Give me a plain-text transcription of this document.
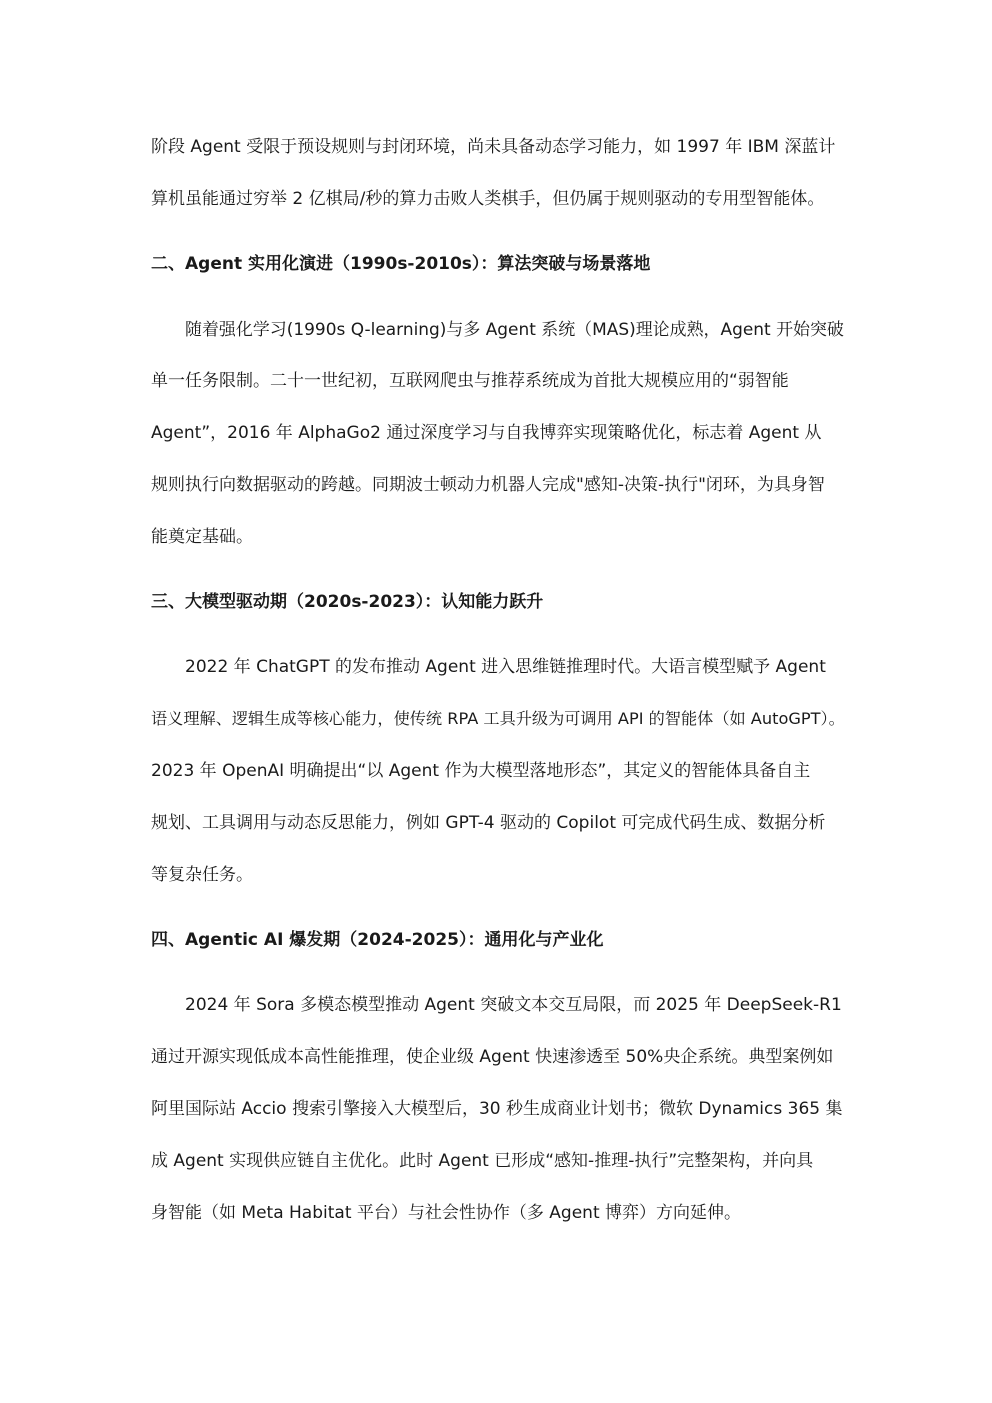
阶段 Agent 受限于预设规则与封闭环境，尚未具备动态学习能力，如 1997 年 IBM 深蓝计
算机虽能通过穷举 2 亿棋局/秒的算力击败人类棋手，但仍属于规则驱动的专用型智能体。
二、Agent 实用化演进（1990s-2010s）：算法突破与场景落地
随着强化学习(1990s Q-learning)与多 Agent 系统（MAS)理论成熟，Agent 开始突破
单一任务限制。二十一世纪初，互联网爬虫与推荐系统成为首批大规模应用的“弱智能
Agent”，2016 年 AlphaGo2 通过深度学习与自我博弈实现策略优化，标志着 Agent 从
规则执行向数据驱动的跨越。同期波士顿动力机器人完成"感知-决策-执行"闭环，为具身智
能奠定基础。
三、大模型驱动期（2020s-2023）：认知能力跃升
2022 年 ChatGPT 的发布推动 Agent 进入思维链推理时代。大语言模型赋予 Agent
语义理解、逻辑生成等核心能力，使传统 RPA 工具升级为可调用 API 的智能体（如 AutoGPT）。
2023 年 OpenAI 明确提出“以 Agent 作为大模型落地形态”，其定义的智能体具备自主
规划、工具调用与动态反思能力，例如 GPT-4 驱动的 Copilot 可完成代码生成、数据分析
等复杂任务。
四、Agentic AI 爆发期（2024-2025）：通用化与产业化
2024 年 Sora 多模态模型推动 Agent 突破文本交互局限，而 2025 年 DeepSeek-R1
通过开源实现低成本高性能推理，使企业级 Agent 快速渗透至 50%央企系统。典型案例如
阿里国际站 Accio 搜索引擎接入大模型后，30 秒生成商业计划书；微软 Dynamics 365 集
成 Agent 实现供应链自主优化。此时 Agent 已形成“感知-推理-执行”完整架构，并向具
身智能（如 Meta Habitat 平台）与社会性协作（多 Agent 博弈）方向延伸。
